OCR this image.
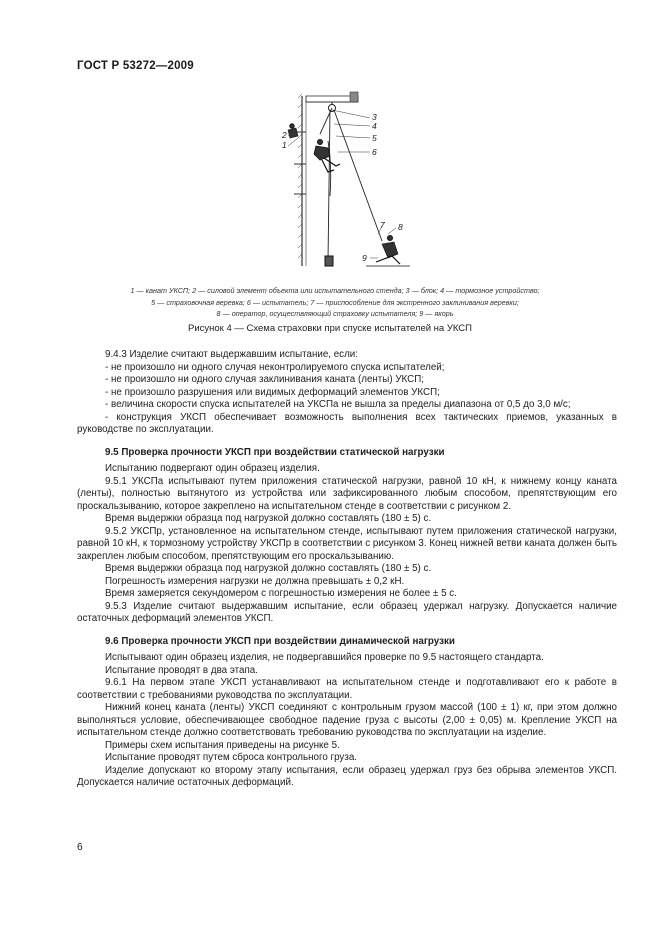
ГОСТ Р 53272—2009
1
2
3
4
5
6
7 8
9
1 — канат УКСП; 2 — силовой элемент объекта или испытательного стенда; 3 — блок; 4 — тормозное устройство;
5 — страховочная веревка; 6 — испытатель; 7 — приспособление для экстренного заклинивания веревки;
8 — оператор, осуществляющий страховку испытателя; 9 — якорь
Рисунок 4 — Схема страховки при спуске испытателей на УКСП

9.4.3 Изделие считают выдержавшим испытание, если:

- не произошло ни одного случая неконтролируемого спуска испытателей;

- не произошло ни одного случая заклинивания каната (ленты) УКСП;

- не произошло разрушения или видимых деформаций элементов УКСП;

- величина скорости спуска испытателей на УКСПа не вышла за пределы диапазона от 0,5 до 3,0 м/с;

- конструкция УКСП обеспечивает возможность выполнения всех тактических приемов, указанных в руководстве по эксплуатации.

9.5 Проверка прочности УКСП при воздействии статической нагрузки

Испытанию подвергают один образец изделия.

9.5.1 УКСПа испытывают путем приложения статической нагрузки, равной 10 кН, к нижнему концу каната (ленты), полностью вытянутого из устройства или зафиксированного любым способом, препятствующим его проскальзыванию, которое закреплено на испытательном стенде в соответствии с рисунком 2.

Время выдержки образца под нагрузкой должно составлять (180 ± 5) с.

9.5.2 УКСПр, установленное на испытательном стенде, испытывают путем приложения статической нагрузки, равной 10 кН, к тормозному устройству УКСПр в соответствии с рисунком 3. Конец нижней ветви каната должен быть закреплен любым способом, препятствующим его проскальзыванию.

Время выдержки образца под нагрузкой должно составлять (180 ± 5) с.

Погрешность измерения нагрузки не должна превышать ± 0,2 кН.

Время замеряется секундомером с погрешностью измерения не более ± 5 с.

9.5.3 Изделие считают выдержавшим испытание, если образец удержал нагрузку. Допускается наличие остаточных деформаций элементов УКСП.

9.6 Проверка прочности УКСП при воздействии динамической нагрузки

Испытывают один образец изделия, не подвергавшийся проверке по 9.5 настоящего стандарта.

Испытание проводят в два этапа.

9.6.1 На первом этапе УКСП устанавливают на испытательном стенде и подготавливают его к работе в соответствии с требованиями руководства по эксплуатации.

Нижний конец каната (ленты) УКСП соединяют с контрольным грузом массой (100 ± 1) кг, при этом должно выполняться условие, обеспечивающее свободное падение груза с высоты (2,00 ± 0,05) м. Крепление УКСП на испытательном стенде должно соответствовать требованию руководства по эксплуатации на изделие.

Примеры схем испытания приведены на рисунке 5.

Испытание проводят путем сброса контрольного груза.

Изделие допускают ко второму этапу испытания, если образец удержал груз без обрыва элементов УКСП. Допускается наличие остаточных деформаций.

6
